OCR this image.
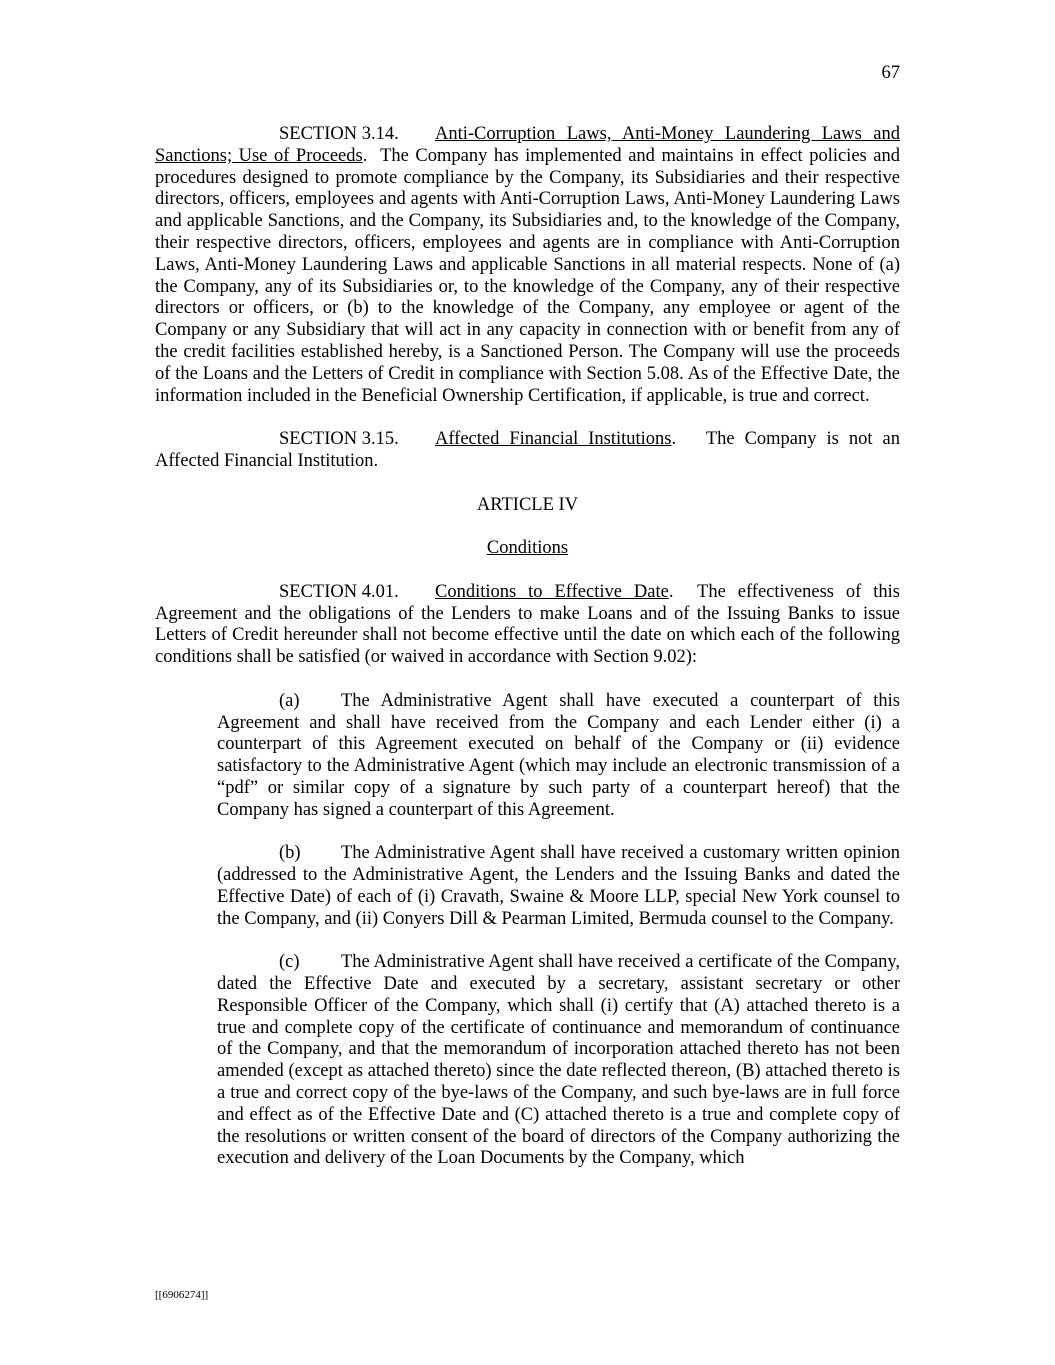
67

SECTION 3.14. Anti-Corruption Laws, Anti-Money Laundering Laws and Sanctions; Use of Proceeds. The Company has implemented and maintains in effect policies and procedures designed to promote compliance by the Company, its Subsidiaries and their respective directors, officers, employees and agents with Anti-Corruption Laws, Anti-Money Laundering Laws and applicable Sanctions, and the Company, its Subsidiaries and, to the knowledge of the Company, their respective directors, officers, employees and agents are in compliance with Anti-Corruption Laws, Anti-Money Laundering Laws and applicable Sanctions in all material respects. None of (a) the Company, any of its Subsidiaries or, to the knowledge of the Company, any of their respective directors or officers, or (b) to the knowledge of the Company, any employee or agent of the Company or any Subsidiary that will act in any capacity in connection with or benefit from any of the credit facilities established hereby, is a Sanctioned Person. The Company will use the proceeds of the Loans and the Letters of Credit in compliance with Section 5.08. As of the Effective Date, the information included in the Beneficial Ownership Certification, if applicable, is true and correct.

SECTION 3.15. Affected Financial Institutions. The Company is not an Affected Financial Institution.

ARTICLE IV

Conditions

SECTION 4.01. Conditions to Effective Date. The effectiveness of this Agreement and the obligations of the Lenders to make Loans and of the Issuing Banks to issue Letters of Credit hereunder shall not become effective until the date on which each of the following conditions shall be satisfied (or waived in accordance with Section 9.02):

(a) The Administrative Agent shall have executed a counterpart of this Agreement and shall have received from the Company and each Lender either (i) a counterpart of this Agreement executed on behalf of the Company or (ii) evidence satisfactory to the Administrative Agent (which may include an electronic transmission of a “pdf” or similar copy of a signature by such party of a counterpart hereof) that the Company has signed a counterpart of this Agreement.

(b) The Administrative Agent shall have received a customary written opinion (addressed to the Administrative Agent, the Lenders and the Issuing Banks and dated the Effective Date) of each of (i) Cravath, Swaine & Moore LLP, special New York counsel to the Company, and (ii) Conyers Dill & Pearman Limited, Bermuda counsel to the Company.

(c) The Administrative Agent shall have received a certificate of the Company, dated the Effective Date and executed by a secretary, assistant secretary or other Responsible Officer of the Company, which shall (i) certify that (A) attached thereto is a true and complete copy of the certificate of continuance and memorandum of continuance of the Company, and that the memorandum of incorporation attached thereto has not been amended (except as attached thereto) since the date reflected thereon, (B) attached thereto is a true and correct copy of the bye-laws of the Company, and such bye-laws are in full force and effect as of the Effective Date and (C) attached thereto is a true and complete copy of the resolutions or written consent of the board of directors of the Company authorizing the execution and delivery of the Loan Documents by the Company, which

[[6906274]]
